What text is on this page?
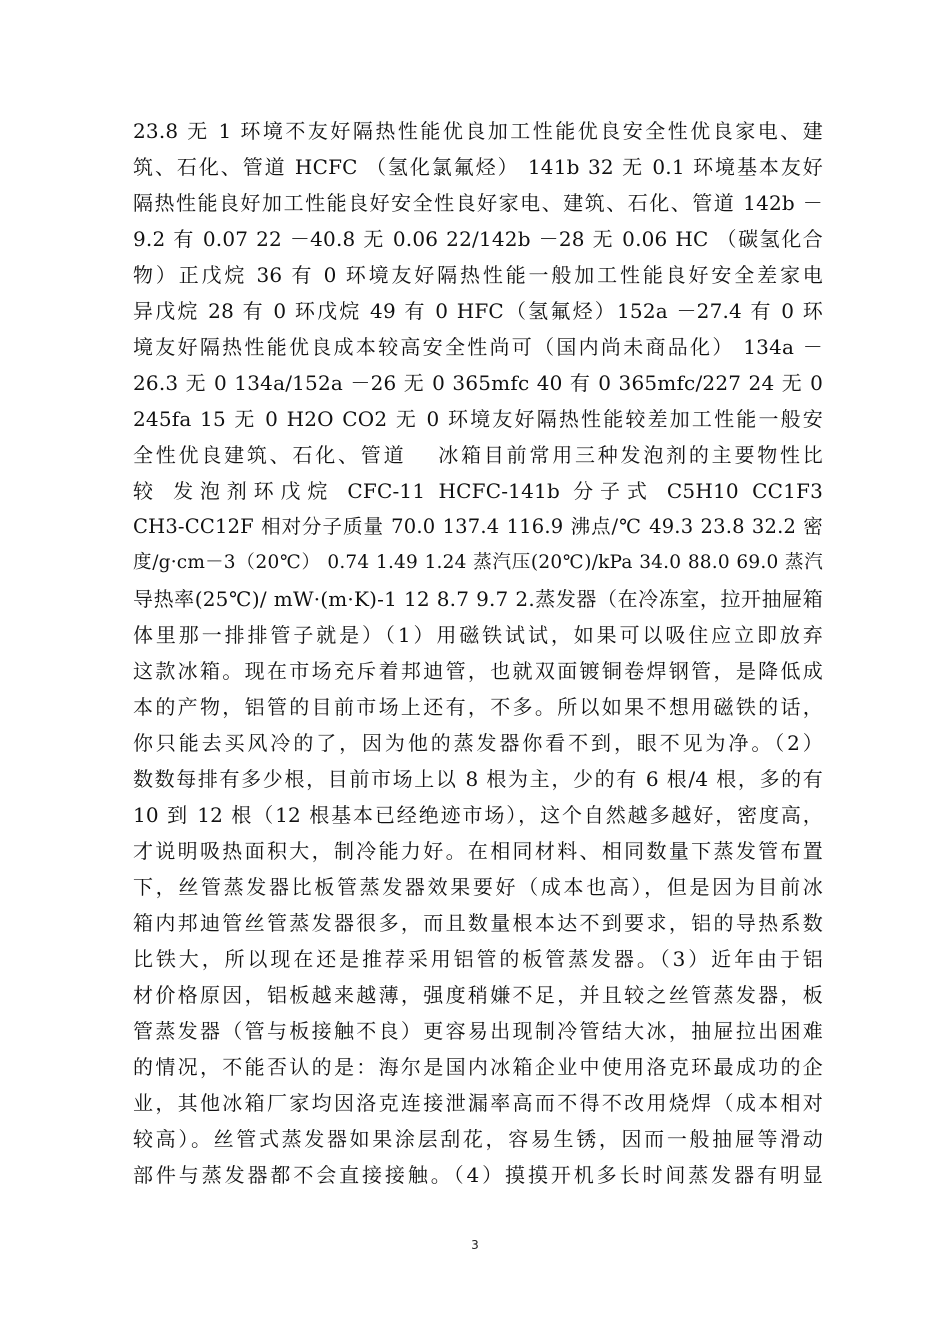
23.8 无 1 环境不友好隔热性能优良加工性能优良安全性优良家电、建
筑、石化、管道 HCFC （氢化氯氟烃） 141b 32 无 0.1 环境基本友好
隔热性能良好加工性能良好安全性良好家电、建筑、石化、管道 142b －
9.2 有 0.07 22 －40.8 无 0.06 22/142b －28 无 0.06 HC （碳氢化合
物）正戊烷 36 有 0 环境友好隔热性能一般加工性能良好安全差家电
异戊烷 28 有 0 环戊烷 49 有 0 HFC（氢氟烃）152a －27.4 有 0 环
境友好隔热性能优良成本较高安全性尚可（国内尚未商品化） 134a －
26.3 无 0 134a/152a －26 无 0 365mfc 40 有 0 365mfc/227 24 无 0
245fa 15 无 0 H2O CO2 无 0 环境友好隔热性能较差加工性能一般安
全性优良建筑、石化、管道　 冰箱目前常用三种发泡剂的主要物性比
较 发泡剂环戊烷 CFC-11 HCFC-141b 分子式 C5H10 CC1F3
CH3-CC12F 相对分子质量 70.0 137.4 116.9 沸点/℃ 49.3 23.8 32.2 密
度/g·cm－3（20℃） 0.74 1.49 1.24 蒸汽压(20℃)/kPa 34.0 88.0 69.0 蒸汽
导热率(25℃)/ mW·(m·K)-1 12 8.7 9.7 2.蒸发器（在冷冻室，拉开抽屉箱
体里那一排排管子就是）（1）用磁铁试试，如果可以吸住应立即放弃
这款冰箱。现在市场充斥着邦迪管，也就双面镀铜卷焊钢管，是降低成
本的产物，铝管的目前市场上还有，不多。所以如果不想用磁铁的话，
你只能去买风冷的了，因为他的蒸发器你看不到，眼不见为净。（2）
数数每排有多少根，目前市场上以 8 根为主，少的有 6 根/4 根，多的有
10 到 12 根（12 根基本已经绝迹市场），这个自然越多越好，密度高，
才说明吸热面积大，制冷能力好。在相同材料、相同数量下蒸发管布置
下，丝管蒸发器比板管蒸发器效果要好（成本也高），但是因为目前冰
箱内邦迪管丝管蒸发器很多，而且数量根本达不到要求，铝的导热系数
比铁大，所以现在还是推荐采用铝管的板管蒸发器。（3）近年由于铝
材价格原因，铝板越来越薄，强度稍嫌不足，并且较之丝管蒸发器，板
管蒸发器（管与板接触不良）更容易出现制冷管结大冰，抽屉拉出困难
的情况，不能否认的是：海尔是国内冰箱企业中使用洛克环最成功的企
业，其他冰箱厂家均因洛克连接泄漏率高而不得不改用烧焊（成本相对
较高）。丝管式蒸发器如果涂层刮花，容易生锈，因而一般抽屉等滑动
部件与蒸发器都不会直接接触。（4）摸摸开机多长时间蒸发器有明显
3
